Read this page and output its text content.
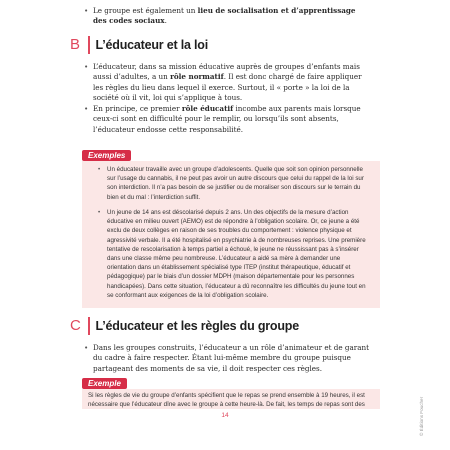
• Le groupe est également un lieu de socialisation et d’apprentissage des codes sociaux.
B	L’éducateur et la loi
• L’éducateur, dans sa mission éducative auprès de groupes d’enfants mais aussi d’adultes, a un rôle normatif. Il est donc chargé de faire appliquer les règles du lieu dans lequel il exerce. Surtout, il « porte » la loi de la société où il vit, loi qui s’applique à tous.
• En principe, ce premier rôle éducatif incombe aux parents mais lorsque ceux-ci sont en difficulté pour le remplir, ou lorsqu’ils sont absents, l’éducateur endosse cette responsabilité.
Exemples
• Un éducateur travaille avec un groupe d’adolescents. Quelle que soit son opinion personnelle sur l’usage du cannabis, il ne peut pas avoir un autre discours que celui du rappel de la loi sur son interdiction. Il n’a pas besoin de se justifier ou de moraliser son discours sur le terrain du bien et du mal : l’interdiction suffit.
• Un jeune de 14 ans est déscolarisé depuis 2 ans. Un des objectifs de la mesure d’action éducative en milieu ouvert (AEMO) est de répondre à l’obligation scolaire. Or, ce jeune a été exclu de deux collèges en raison de ses troubles du comportement : violence physique et agressivité verbale. Il a été hospitalisé en psychiatrie à de nombreuses reprises. Une première tentative de rescolarisation à temps partiel a échoué, le jeune ne réussissant pas à s’insérer dans une classe même peu nombreuse. L’éducateur a aidé sa mère à demander une orientation dans un établissement spécialisé type ITEP (institut thérapeutique, éducatif et pédagogique) par le biais d’un dossier MDPH (maison départementale pour les personnes handicapées). Dans cette situation, l’éducateur a dû reconnaître les difficultés du jeune tout en se conformant aux exigences de la loi d’obligation scolaire.
C	L’éducateur et les règles du groupe
• Dans les groupes construits, l’éducateur a un rôle d’animateur et de garant du cadre à faire respecter. Étant lui-même membre du groupe puisque partageant des moments de sa vie, il doit respecter ces règles.
Exemple
Si les règles de vie du groupe d’enfants spécifient que le repas se prend ensemble à 19 heures, il est nécessaire que l’éducateur dîne avec le groupe à cette heure-là. De fait, les temps de repas sont des
14	© Éditions Foucher
